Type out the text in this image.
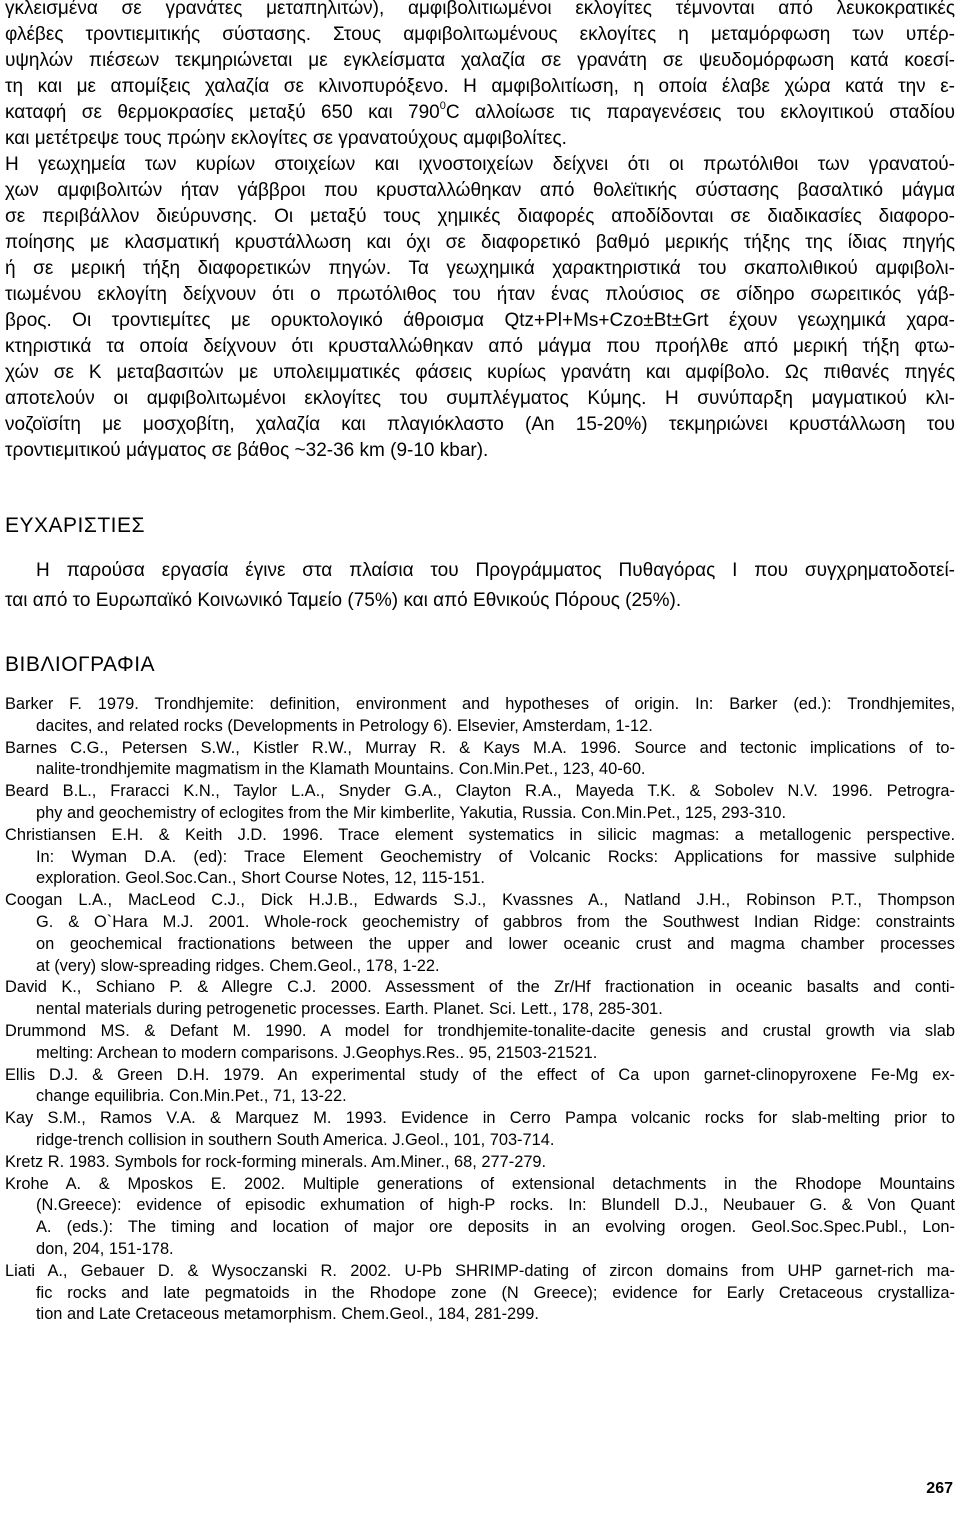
γκλεισμένα σε γρανάτες μεταπηλιτών), αμφιβολιτιωμένοι εκλογίτες τέμνονται από λευκοκρατικές
φλέβες τροντιεμιτικής σύστασης. Στους αμφιβολιτωμένους εκλογίτες η μεταμόρφωση των υπέρ-
υψηλών πιέσεων τεκμηριώνεται με εγκλείσματα χαλαζία σε γρανάτη σε ψευδομόρφωση κατά κοεσί-
τη και με απομίξεις χαλαζία σε κλινοπυρόξενο. Η αμφιβολιτίωση, η οποία έλαβε χώρα κατά την ε-
καταφή σε θερμοκρασίες μεταξύ 650 και $790^0C$ αλλοίωσε τις παραγενέσεις του εκλογιτικού σταδίου
και μετέτρεψε τους πρώην εκλογίτες σε γρανατούχους αμφιβολίτες.
Η γεωχημεία των κυρίων στοιχείων και ιχνοστοιχείων δείχνει ότι οι πρωτόλιθοι των γρανατού-
χων αμφιβολιτών ήταν γάββροι που κρυσταλλώθηκαν από θολεϊτικής σύστασης βασαλτικό μάγμα
σε περιβάλλον διεύρυνσης. Οι μεταξύ τους χημικές διαφορές αποδίδονται σε διαδικασίες διαφορο-
ποίησης με κλασματική κρυστάλλωση και όχι σε διαφορετικό βαθμό μερικής τήξης της ίδιας πηγής
ή σε μερική τήξη διαφορετικών πηγών. Τα γεωχημικά χαρακτηριστικά του σκαπολιθικού αμφιβολι-
τιωμένου εκλογίτη δείχνουν ότι ο πρωτόλιθος του ήταν ένας πλούσιος σε σίδηρο σωρειτικός γάβ-
βρος. Οι τροντιεμίτες με ορυκτολογικό άθροισμα Qtz+Pl+Ms+Czo±Bt±Grt έχουν γεωχημικά χαρα-
κτηριστικά τα οποία δείχνουν ότι κρυσταλλώθηκαν από μάγμα που προήλθε από μερική τήξη φτω-
χών σε K μεταβασιτών με υπολειμματικές φάσεις κυρίως γρανάτη και αμφίβολο. Ως πιθανές πηγές
αποτελούν οι αμφιβολιτωμένοι εκλογίτες του συμπλέγματος Κύμης. Η συνύπαρξη μαγματικού κλι-
νοζοϊσίτη με μοσχοβίτη, χαλαζία και πλαγιόκλαστο (An 15-20%) τεκμηριώνει κρυστάλλωση του
τροντιεμιτικού μάγματος σε βάθος ~32-36 km (9-10 kbar).
ΕΥΧΑΡΙΣΤΙΕΣ
Η παρούσα εργασία έγινε στα πλαίσια του Προγράμματος Πυθαγόρας Ι που συγχρηματοδοτεί-
ται από το Ευρωπαϊκό Κοινωνικό Ταμείο (75%) και από Εθνικούς Πόρους (25%).
ΒΙΒΛΙΟΓΡΑΦΙΑ
Barker F. 1979. Trondhjemite: definition, environment and hypotheses of origin. In: Barker (ed.): Trondhjemites,
dacites, and related rocks (Developments in Petrology 6). Elsevier, Amsterdam, 1-12.
Barnes C.G., Petersen S.W., Kistler R.W., Murray R. & Kays M.A. 1996. Source and tectonic implications of to-
nalite-trondhjemite magmatism in the Klamath Mountains. Con.Min.Pet., 123, 40-60.
Beard B.L., Fraracci K.N., Taylor L.A., Snyder G.A., Clayton R.A., Mayeda T.K. & Sobolev N.V. 1996. Petrogra-
phy and geochemistry of eclogites from the Mir kimberlite, Yakutia, Russia. Con.Min.Pet., 125, 293-310.
Christiansen E.H. & Keith J.D. 1996. Trace element systematics in silicic magmas: a metallogenic perspective.
In: Wyman D.A. (ed): Trace Element Geochemistry of Volcanic Rocks: Applications for massive sulphide
exploration. Geol.Soc.Can., Short Course Notes, 12, 115-151.
Coogan L.A., MacLeod C.J., Dick H.J.B., Edwards S.J., Kvassnes A., Natland J.H., Robinson P.T., Thompson
G. & O`Hara M.J. 2001. Whole-rock geochemistry of gabbros from the Southwest Indian Ridge: constraints
on geochemical fractionations between the upper and lower oceanic crust and magma chamber processes
at (very) slow-spreading ridges. Chem.Geol., 178, 1-22.
David K., Schiano P. & Allegre C.J. 2000. Assessment of the Zr/Hf fractionation in oceanic basalts and conti-
nental materials during petrogenetic processes. Earth. Planet. Sci. Lett., 178, 285-301.
Drummond MS. & Defant M. 1990. A model for trondhjemite-tonalite-dacite genesis and crustal growth via slab
melting: Archean to modern comparisons. J.Geophys.Res.. 95, 21503-21521.
Ellis D.J. & Green D.H. 1979. An experimental study of the effect of Ca upon garnet-clinopyroxene Fe-Mg ex-
change equilibria. Con.Min.Pet., 71, 13-22.
Kay S.M., Ramos V.A. & Marquez M. 1993. Evidence in Cerro Pampa volcanic rocks for slab-melting prior to
ridge-trench collision in southern South America. J.Geol., 101, 703-714.
Kretz R. 1983. Symbols for rock-forming minerals. Am.Miner., 68, 277-279.
Krohe A. & Mposkos E. 2002. Multiple generations of extensional detachments in the Rhodope Mountains
(N.Greece): evidence of episodic exhumation of high-P rocks. In: Blundell D.J., Neubauer G. & Von Quant
A. (eds.): The timing and location of major ore deposits in an evolving orogen. Geol.Soc.Spec.Publ., Lon-
don, 204, 151-178.
Liati A., Gebauer D. & Wysoczanski R. 2002. U-Pb SHRIMP-dating of zircon domains from UHP garnet-rich ma-
fic rocks and late pegmatoids in the Rhodope zone (N Greece); evidence for Early Cretaceous crystalliza-
tion and Late Cretaceous metamorphism. Chem.Geol., 184, 281-299.
267
